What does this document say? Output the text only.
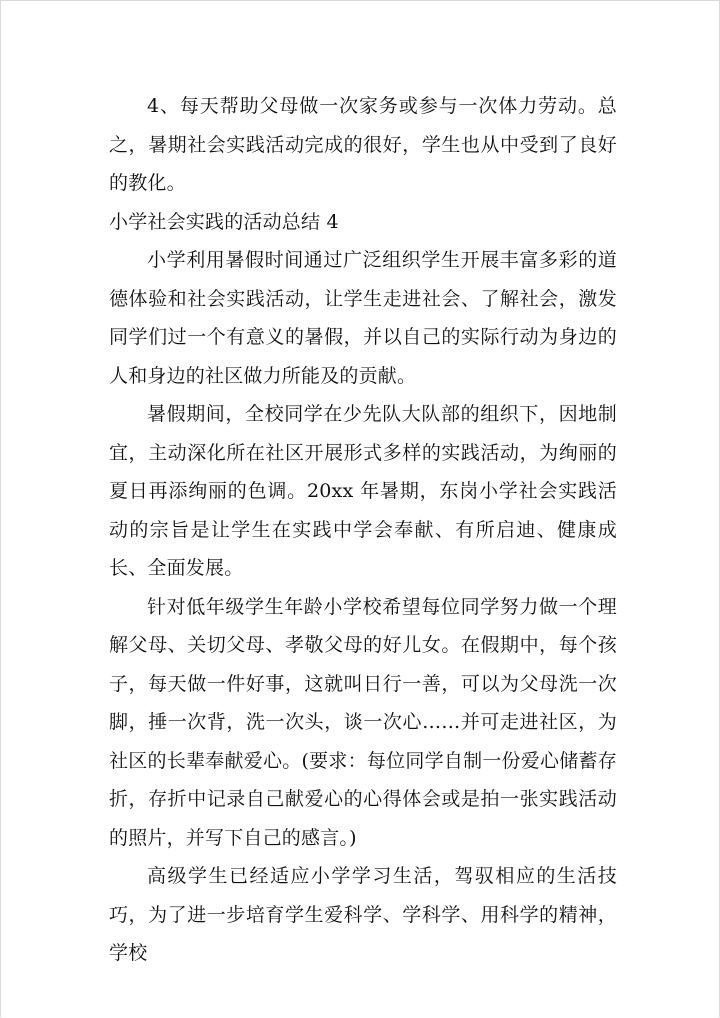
4、每天帮助父母做一次家务或参与一次体力劳动。总之，暑期社会实践活动完成的很好，学生也从中受到了良好的教化。

小学社会实践的活动总结 4

小学利用暑假时间通过广泛组织学生开展丰富多彩的道德体验和社会实践活动，让学生走进社会、了解社会，激发同学们过一个有意义的暑假，并以自己的实际行动为身边的人和身边的社区做力所能及的贡献。

暑假期间，全校同学在少先队大队部的组织下，因地制宜，主动深化所在社区开展形式多样的实践活动，为绚丽的夏日再添绚丽的色调。20xx 年暑期，东岗小学社会实践活动的宗旨是让学生在实践中学会奉献、有所启迪、健康成长、全面发展。

针对低年级学生年龄小学校希望每位同学努力做一个理解父母、关切父母、孝敬父母的好儿女。在假期中，每个孩子，每天做一件好事，这就叫日行一善，可以为父母洗一次脚，捶一次背，洗一次头，谈一次心……并可走进社区，为社区的长辈奉献爱心。(要求：每位同学自制一份爱心储蓄存折，存折中记录自己献爱心的心得体会或是拍一张实践活动的照片，并写下自己的感言。)

高级学生已经适应小学学习生活，驾驭相应的生活技巧，为了进一步培育学生爱科学、学科学、用科学的精神，学校
